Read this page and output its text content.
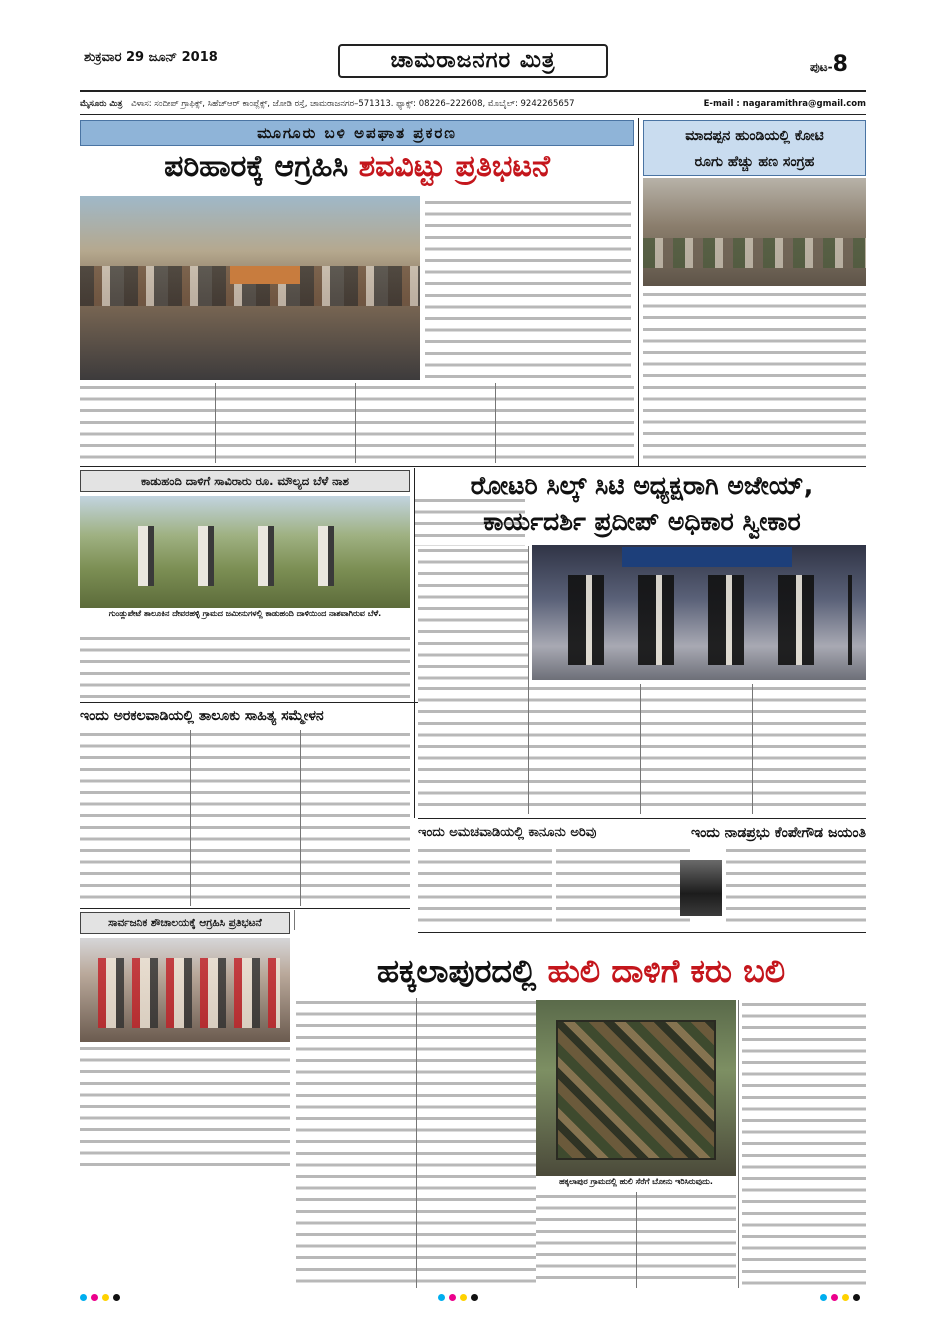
ಶುಕ್ರವಾರ 29 ಜೂನ್ 2018	ಚಾಮರಾಜನಗರ ಮಿತ್ರ	ಪುಟ-8
ಮೈಸೂರು ಮಿತ್ರ ವಿಳಾಸ: ಸಂದೀಪ್ ಗ್ರಾಫಿಕ್ಸ್, ಸಿಹೆಚ್‌ಆರ್ ಕಾಂಪ್ಲೆಕ್ಸ್, ಜೋಡಿ ರಸ್ತೆ, ಚಾಮರಾಜನಗರ–571313. ಫ್ಯಾಕ್ಸ್: 08226–222608, ಮೊಬೈಲ್: 9242265657	E-mail : nagaramithra@gmail.com
ಮೂಗೂರು ಬಳಿ ಅಪಘಾತ ಪ್ರಕರಣ
ಪರಿಹಾರಕ್ಕೆ ಆಗ್ರಹಿಸಿ ಶವವಿಟ್ಟು ಪ್ರತಿಭಟನೆ
ಮಾದಪ್ಪನ ಹುಂಡಿಯಲ್ಲಿ ಕೋಟಿ
ರೂಗು ಹೆಚ್ಚು ಹಣ ಸಂಗ್ರಹ
ಕಾಡುಹಂದಿ ದಾಳಿಗೆ ಸಾವಿರಾರು ರೂ. ಮೌಲ್ಯದ ಬೆಳೆ ನಾಶ
ಗುಂಡ್ಲುಪೇಟೆ ತಾಲೂಕಿನ ದೇವರಹಳ್ಳಿ ಗ್ರಾಮದ ಜಮೀನುಗಳಲ್ಲಿ ಕಾಡುಹಂದಿ ದಾಳಿಯಿಂದ ನಾಶವಾಗಿರುವ ಬೆಳೆ.
ರೋಟರಿ ಸಿಲ್ಕ್ ಸಿಟಿ ಅಧ್ಯಕ್ಷರಾಗಿ ಅಜೇಯ್,
ಕಾರ್ಯದರ್ಶಿ ಪ್ರದೀಪ್ ಅಧಿಕಾರ ಸ್ವೀಕಾರ
ಇಂದು ಅರಕಲವಾಡಿಯಲ್ಲಿ ತಾಲೂಕು ಸಾಹಿತ್ಯ ಸಮ್ಮೇಳನ
ಇಂದು ಅಮಚವಾಡಿಯಲ್ಲಿ ಕಾನೂನು ಅರಿವು	ಇಂದು ನಾಡಪ್ರಭು ಕೆಂಪೇಗೌಡ ಜಯಂತಿ
ಸಾರ್ವಜನಿಕ ಶೌಚಾಲಯಕ್ಕೆ ಆಗ್ರಹಿಸಿ ಪ್ರತಿಭಟನೆ
ಹಕ್ಕಲಾಪುರದಲ್ಲಿ ಹುಲಿ ದಾಳಿಗೆ ಕರು ಬಲಿ
ಹಕ್ಕಲಾಪುರ ಗ್ರಾಮದಲ್ಲಿ ಹುಲಿ ಸೆರೆಗೆ ಬೋನು ಇರಿಸಿರುವುದು.
